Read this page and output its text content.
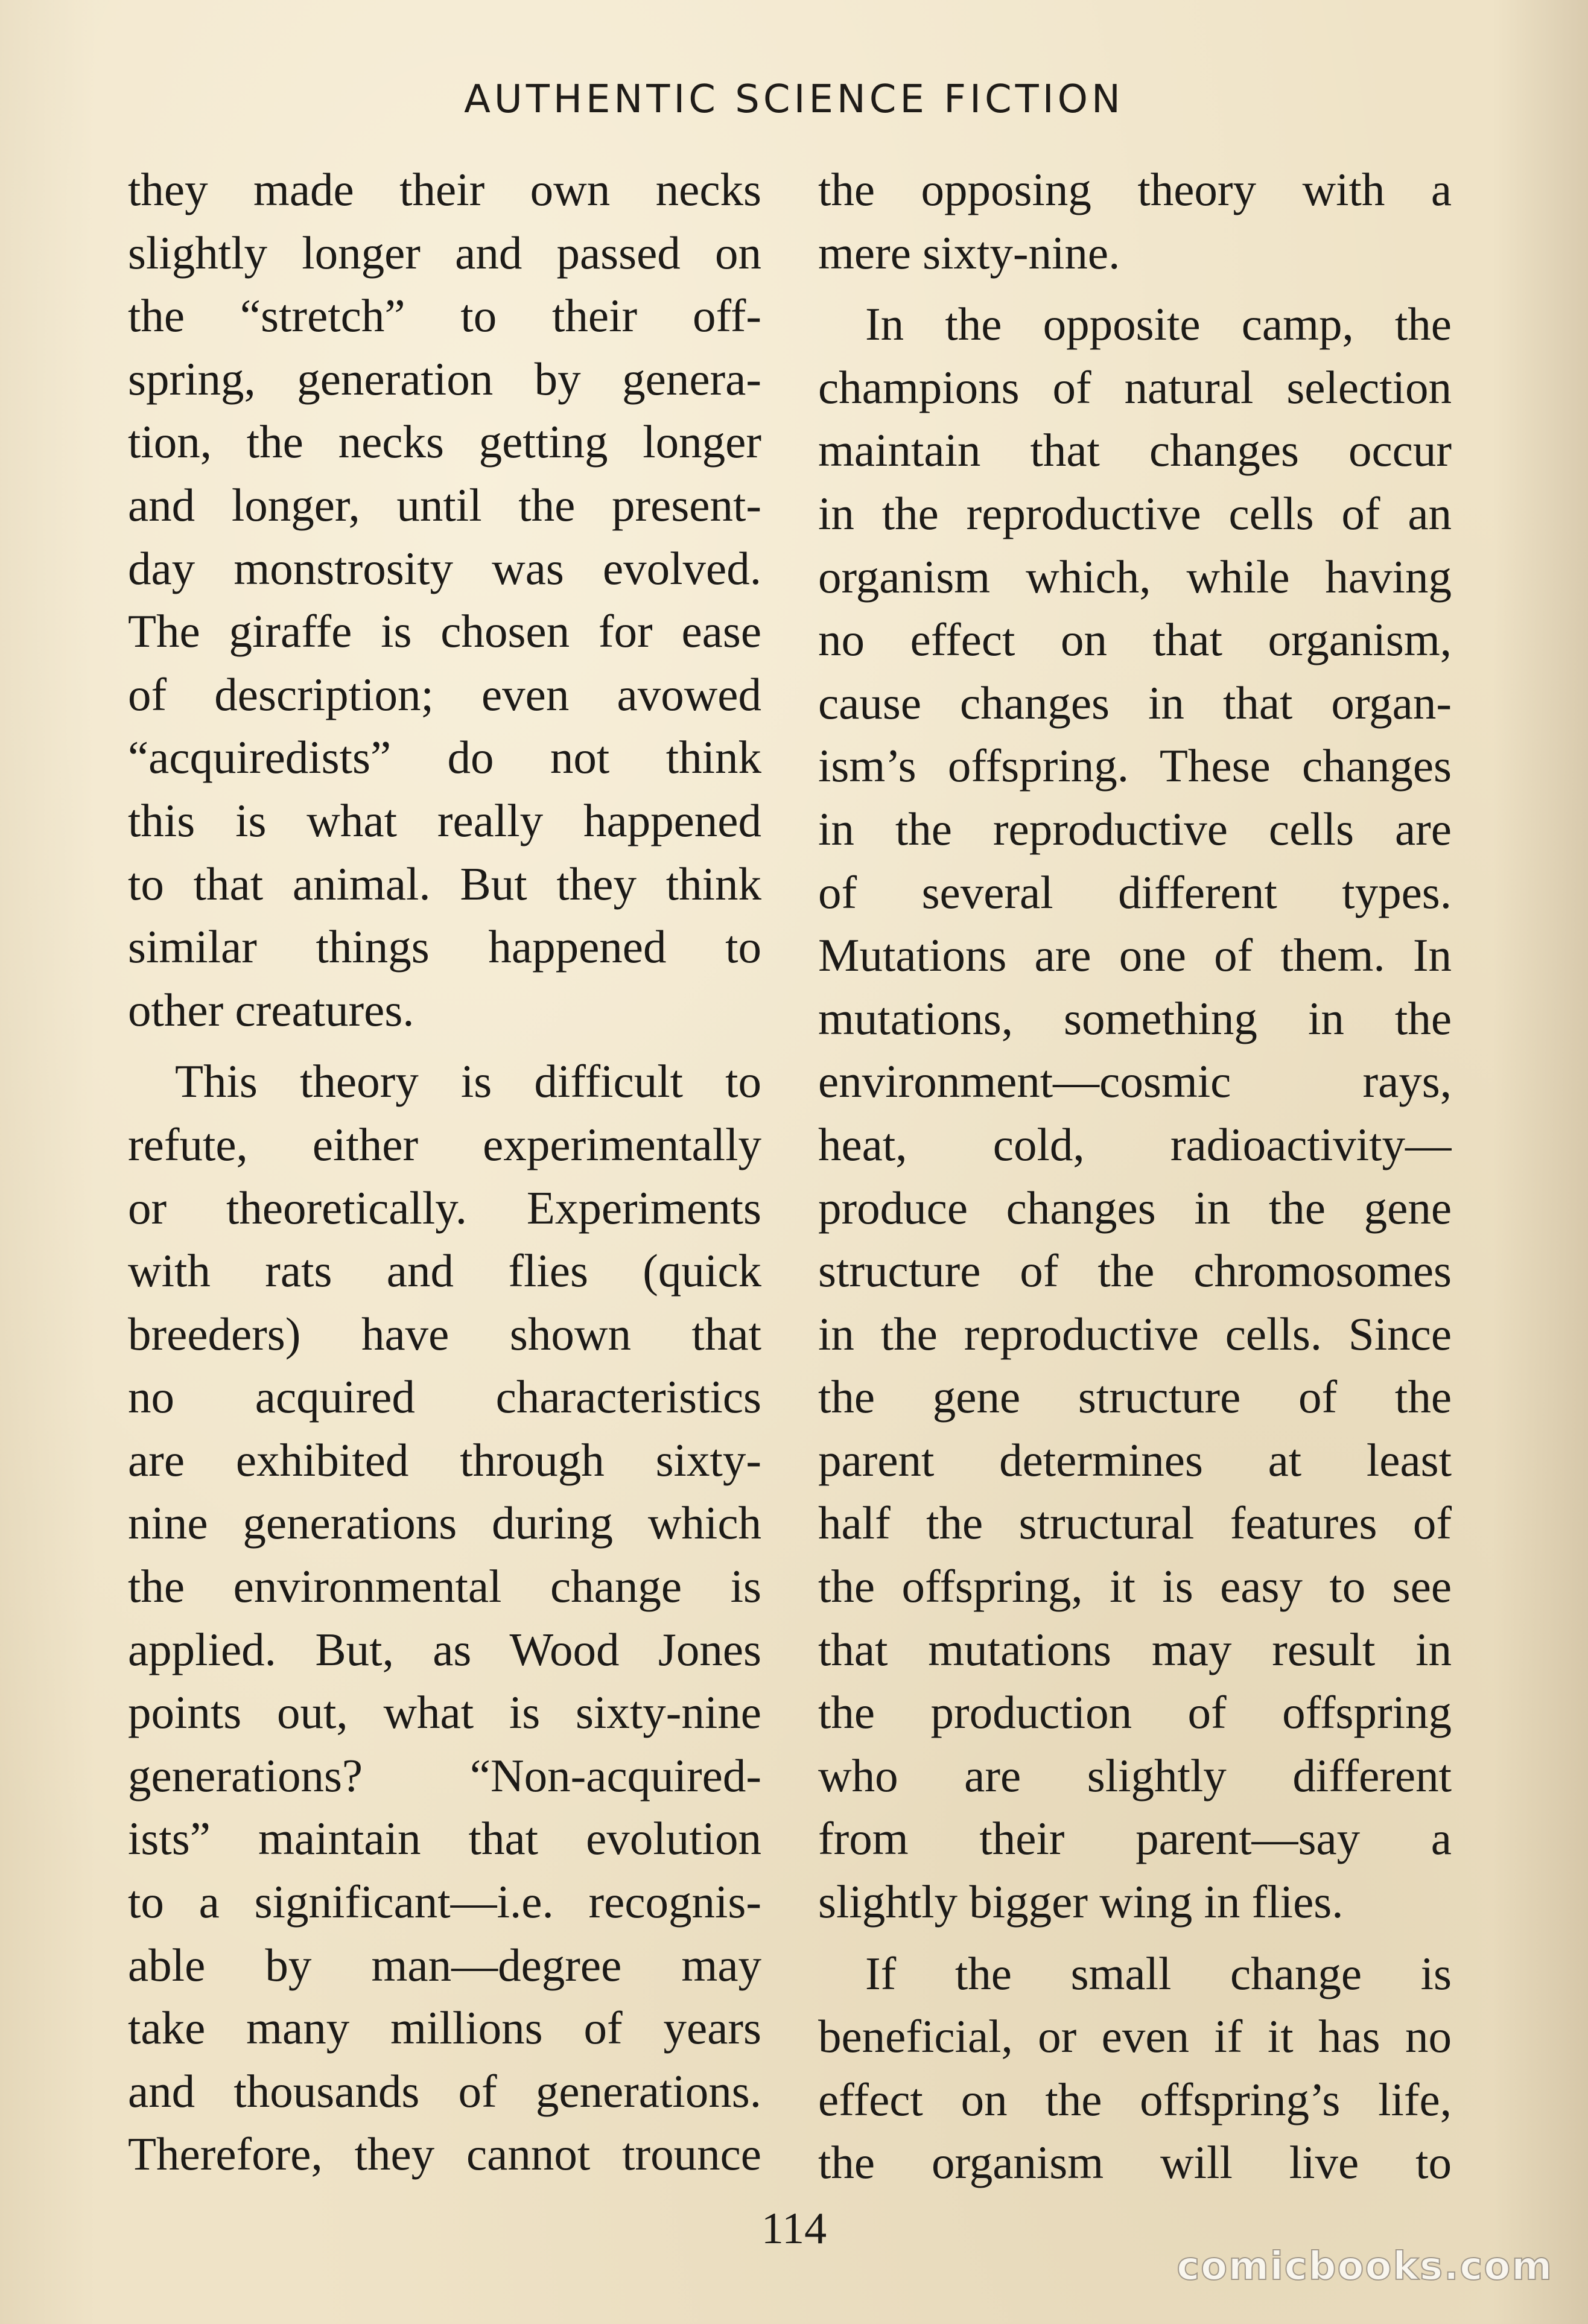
AUTHENTIC SCIENCE FICTION
they made their own necks
slightly longer and passed on
the “stretch” to their off-
spring, generation by genera-
tion, the necks getting longer
and longer, until the present-
day monstrosity was evolved.
The giraffe is chosen for ease
of description; even avowed
“acquiredists” do not think
this is what really happened
to that animal. But they think
similar things happened to
other creatures.
This theory is difficult to
refute, either experimentally
or theoretically. Experiments
with rats and flies (quick
breeders) have shown that
no acquired characteristics
are exhibited through sixty-
nine generations during which
the environmental change is
applied. But, as Wood Jones
points out, what is sixty-nine
generations? “Non-acquired-
ists” maintain that evolution
to a significant—i.e. recognis-
able by man—degree may
take many millions of years
and thousands of generations.
Therefore, they cannot trounce
the opposing theory with a
mere sixty-nine.
In the opposite camp, the
champions of natural selection
maintain that changes occur
in the reproductive cells of an
organism which, while having
no effect on that organism,
cause changes in that organ-
ism’s offspring. These changes
in the reproductive cells are
of several different types.
Mutations are one of them. In
mutations, something in the
environment—cosmic rays,
heat, cold, radioactivity—
produce changes in the gene
structure of the chromosomes
in the reproductive cells. Since
the gene structure of the
parent determines at least
half the structural features of
the offspring, it is easy to see
that mutations may result in
the production of offspring
who are slightly different
from their parent—say a
slightly bigger wing in flies.
If the small change is
beneficial, or even if it has no
effect on the offspring’s life,
the organism will live to
114
comicbooks.com
